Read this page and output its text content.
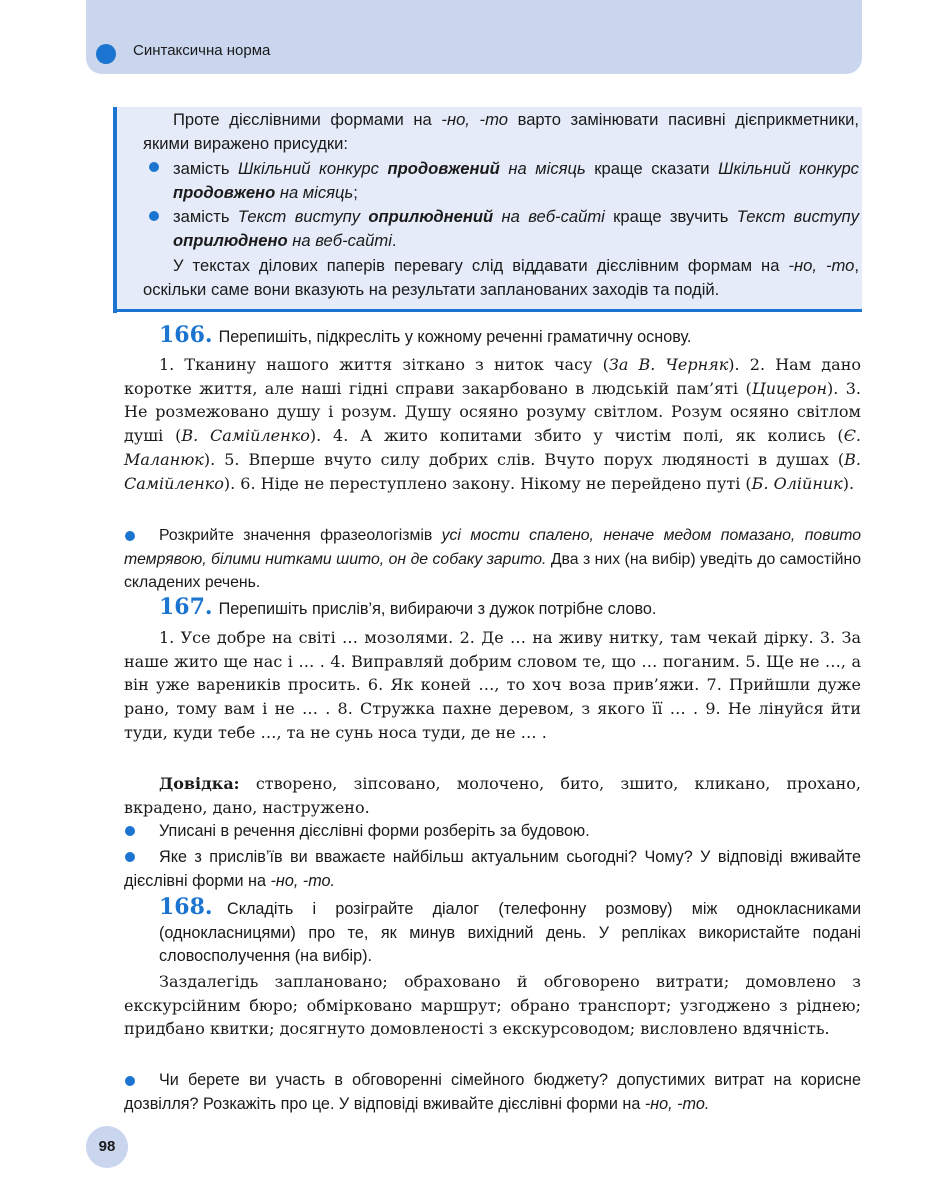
Синтаксична норма

Проте дієслівними формами на -но, -то варто замінювати пасивні дієприкметники, якими виражено присудки:

замість Шкільний конкурс продовжений на місяць краще сказати Шкільний конкурс продовжено на місяць;

замість Текст виступу оприлюднений на веб-сайті краще звучить Текст виступу оприлюднено на веб-сайті.

У текстах ділових паперів перевагу слід віддавати дієслівним формам на -но, -то, оскільки саме вони вказують на результати запланованих заходів та подій.

166. Перепишіть, підкресліть у кожному реченні граматичну основу.

1. Тканину нашого життя зіткано з ниток часу (За В. Черняк). 2. Нам дано коротке життя, але наші гідні справи закарбовано в людській пам’яті (Цицерон). 3. Не розмежовано душу і розум. Душу осяяно розуму світлом. Розум осяяно світлом душі (В. Самійленко). 4. А жито копитами збито у чистім полі, як колись (Є. Маланюк). 5. Вперше вчуто силу добрих слів. Вчуто порух людяності в душах (В. Самійленко). 6. Ніде не переступлено закону. Нікому не перейдено путі (Б. Олійник).

Розкрийте значення фразеологізмів усі мости спалено, неначе медом помазано, повито темрявою, білими нитками шито, он де собаку зарито. Два з них (на вибір) уведіть до самостійно складених речень.

167. Перепишіть прислів’я, вибираючи з дужок потрібне слово.

1. Усе добре на світі … мозолями. 2. Де … на живу нитку, там чекай дірку. 3. За наше жито ще нас і … . 4. Виправляй добрим словом те, що … поганим. 5. Ще не …, а він уже вареників просить. 6. Як коней …, то хоч воза прив’яжи. 7. Прийшли дуже рано, тому вам і не … . 8. Стружка пахне деревом, з якого її … . 9. Не лінуйся йти туди, куди тебе …, та не сунь носа туди, де не … .

Довідка: створено, зіпсовано, молочено, бито, зшито, кликано, прохано, вкрадено, дано, настружено.

Уписані в речення дієслівні форми розберіть за будовою.

Яке з прислів’їв ви вважаєте найбільш актуальним сьогодні? Чому? У відповіді вживайте дієслівні форми на -но, -то.

168. Складіть і розіграйте діалог (телефонну розмову) між однокласниками (однокласницями) про те, як минув вихідний день. У репліках використайте подані словосполучення (на вибір).

Заздалегідь заплановано; обраховано й обговорено витрати; домовлено з екскурсійним бюро; обмірковано маршрут; обрано транспорт; узгоджено з ріднею; придбано квитки; досягнуто домовленості з екскурсоводом; висловлено вдячність.

Чи берете ви участь в обговоренні сімейного бюджету? допустимих витрат на корисне дозвілля? Розкажіть про це. У відповіді вживайте дієслівні форми на -но, -то.

98
